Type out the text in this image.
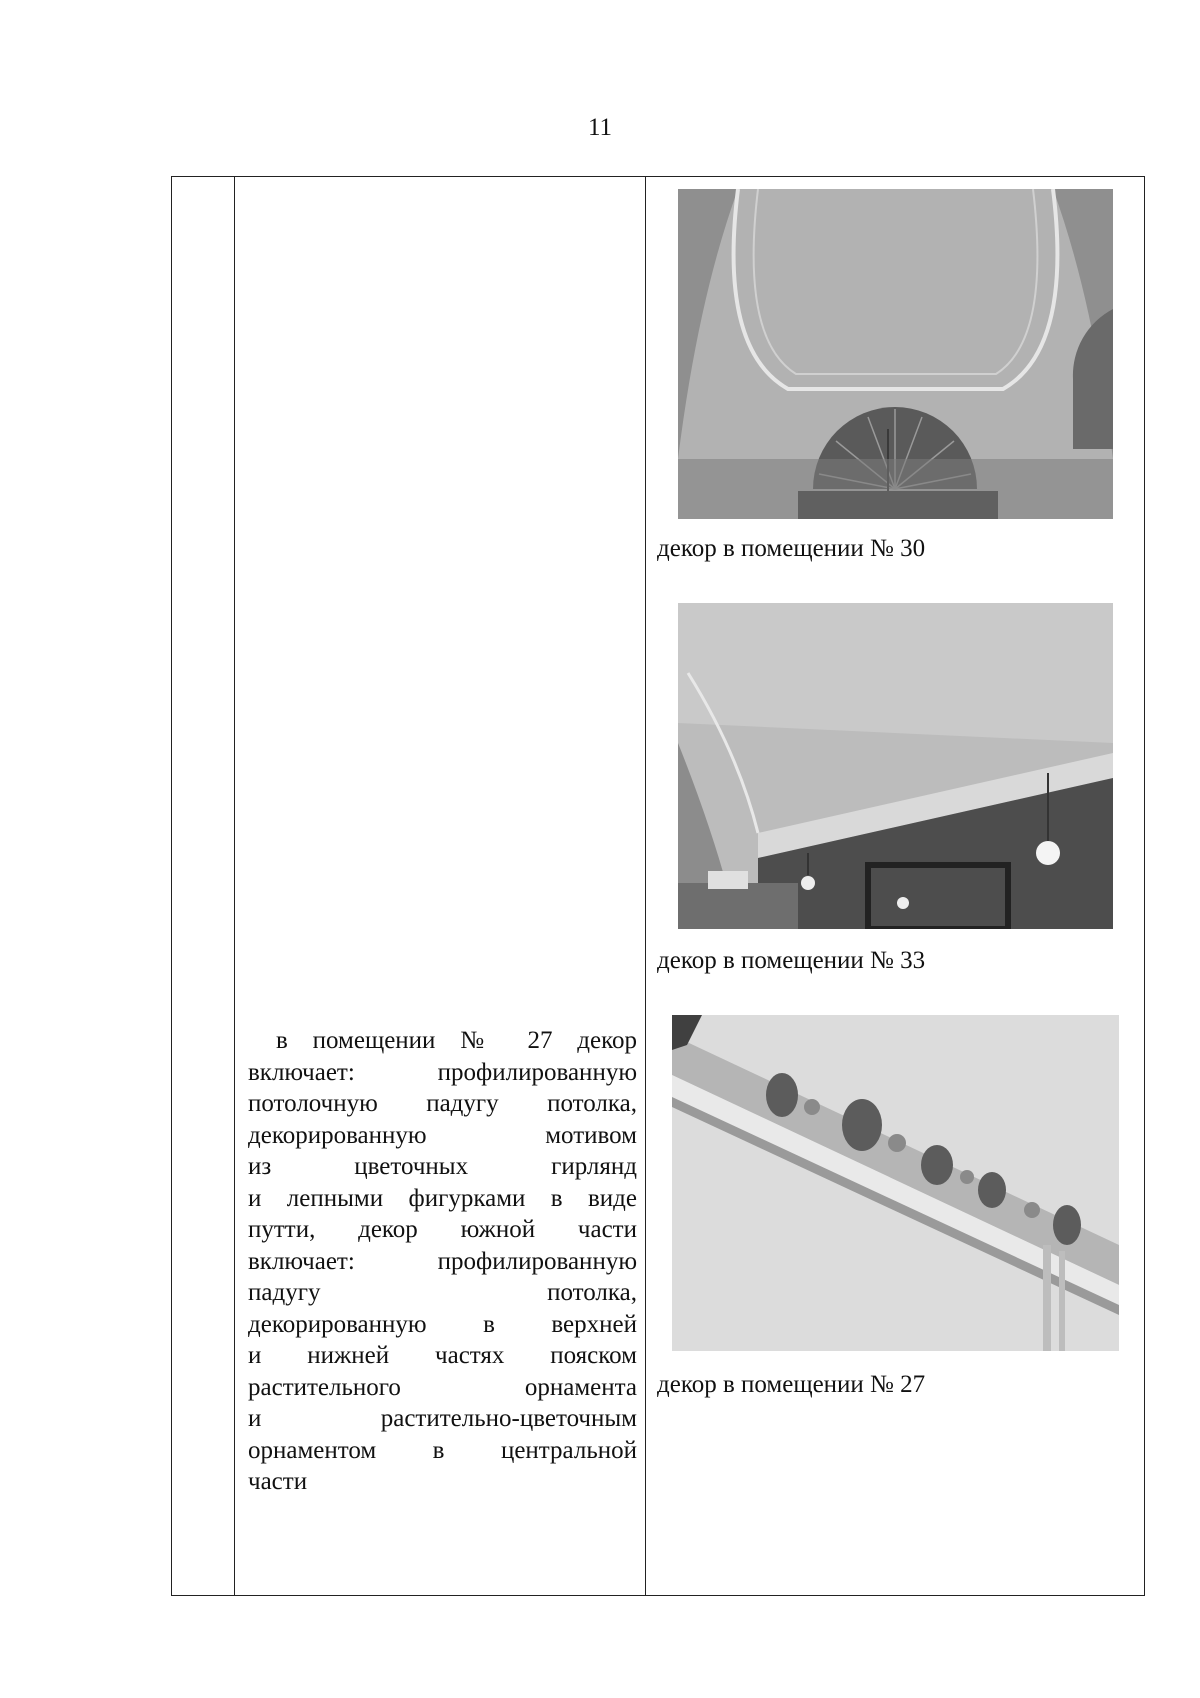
11
в помещении № 27 декор
включает: профилированную
потолочную падугу потолка,
декорированную мотивом
из цветочных гирлянд
и лепными фигурками в виде
путти, декор южной части
включает: профилированную
падугу потолка,
декорированную в верхней
и нижней частях пояском
растительного орнамента
и растительно-цветочным
орнаментом в центральной
части
декор в помещении № 30
декор в помещении № 33
декор в помещении № 27
